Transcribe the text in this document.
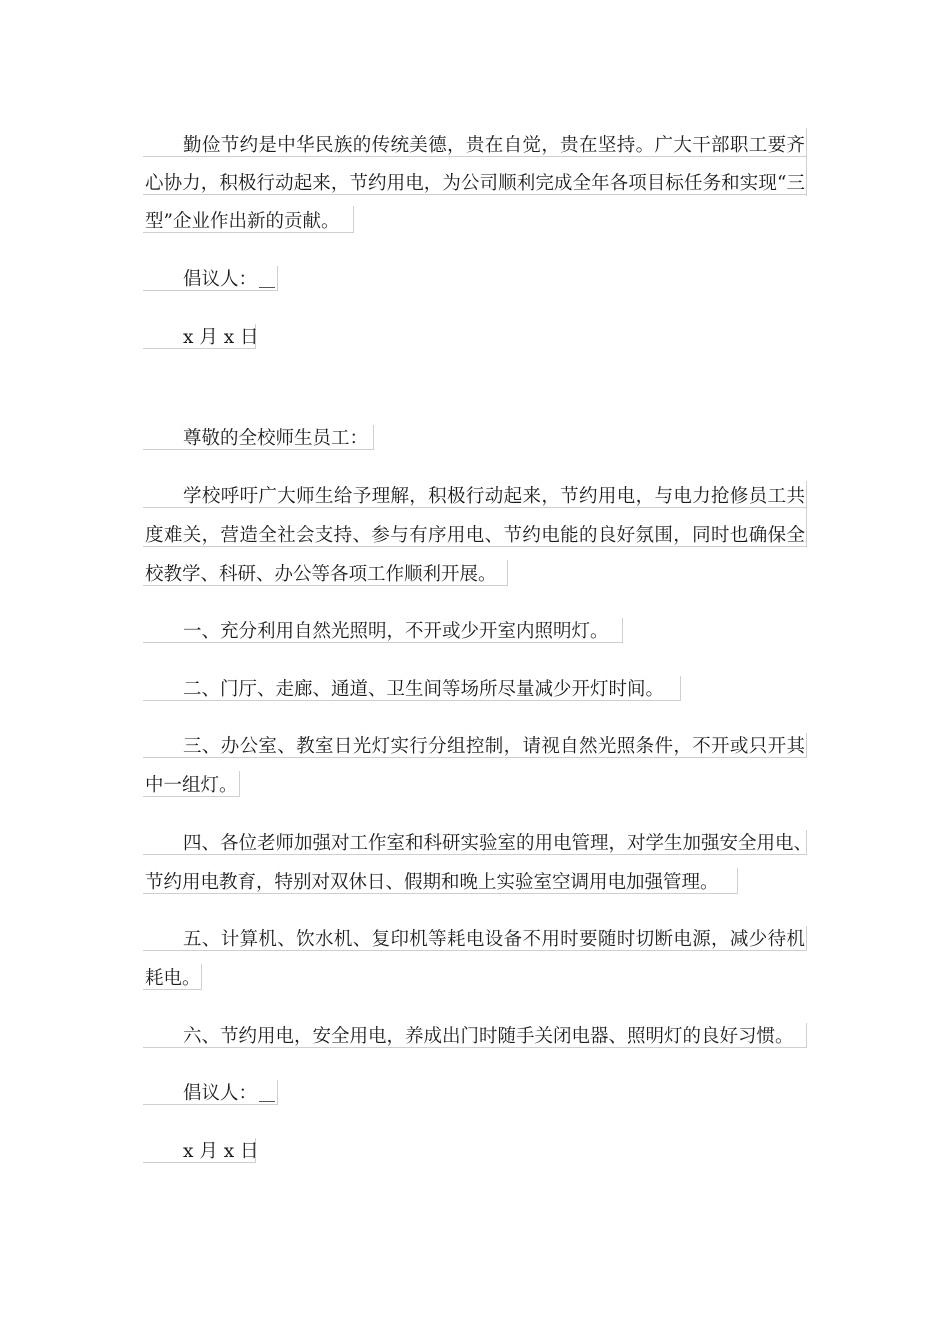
勤俭节约是中华民族的传统美德，贵在自觉，贵在坚持。广大干部职工要齐
心协力，积极行动起来，节约用电，为公司顺利完成全年各项目标任务和实现“三
型”企业作出新的贡献。
倡议人：
x 月 x 日
尊敬的全校师生员工：
学校呼吁广大师生给予理解，积极行动起来，节约用电，与电力抢修员工共
度难关，营造全社会支持、参与有序用电、节约电能的良好氛围，同时也确保全
校教学、科研、办公等各项工作顺利开展。
一、充分利用自然光照明，不开或少开室内照明灯。
二、门厅、走廊、通道、卫生间等场所尽量减少开灯时间。
三、办公室、教室日光灯实行分组控制，请视自然光照条件，不开或只开其
中一组灯。
四、各位老师加强对工作室和科研实验室的用电管理，对学生加强安全用电、
节约用电教育，特别对双休日、假期和晚上实验室空调用电加强管理。
五、计算机、饮水机、复印机等耗电设备不用时要随时切断电源，减少待机
耗电。
六、节约用电，安全用电，养成出门时随手关闭电器、照明灯的良好习惯。
倡议人：
x 月 x 日
